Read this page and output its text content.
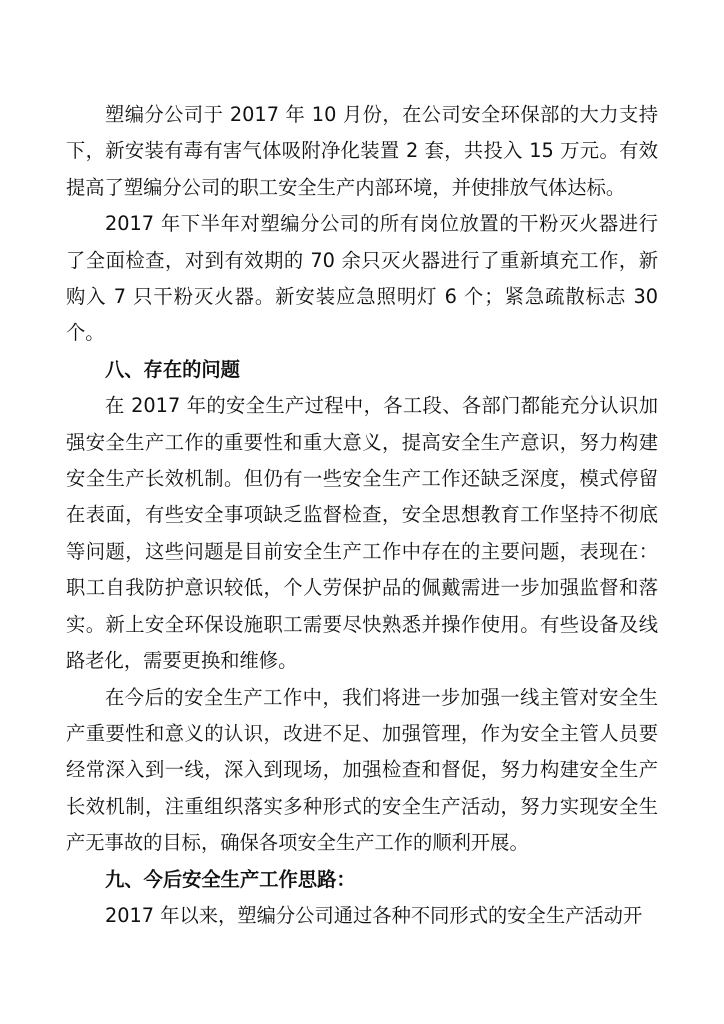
塑编分公司于 2017 年 10 月份，在公司安全环保部的大力支持下，新安装有毒有害气体吸附净化装置 2 套，共投入 15 万元。有效提高了塑编分公司的职工安全生产内部环境，并使排放气体达标。

2017 年下半年对塑编分公司的所有岗位放置的干粉灭火器进行了全面检查，对到有效期的 70 余只灭火器进行了重新填充工作，新购入 7 只干粉灭火器。新安装应急照明灯 6 个；紧急疏散标志 30 个。

八、存在的问题

在 2017 年的安全生产过程中，各工段、各部门都能充分认识加强安全生产工作的重要性和重大意义，提高安全生产意识，努力构建安全生产长效机制。但仍有一些安全生产工作还缺乏深度，模式停留在表面，有些安全事项缺乏监督检查，安全思想教育工作坚持不彻底等问题，这些问题是目前安全生产工作中存在的主要问题，表现在：职工自我防护意识较低，个人劳保护品的佩戴需进一步加强监督和落实。新上安全环保设施职工需要尽快熟悉并操作使用。有些设备及线路老化，需要更换和维修。

在今后的安全生产工作中，我们将进一步加强一线主管对安全生产重要性和意义的认识，改进不足、加强管理，作为安全主管人员要经常深入到一线，深入到现场，加强检查和督促，努力构建安全生产长效机制，注重组织落实多种形式的安全生产活动，努力实现安全生产无事故的目标，确保各项安全生产工作的顺利开展。

九、今后安全生产工作思路：

2017 年以来，塑编分公司通过各种不同形式的安全生产活动开
